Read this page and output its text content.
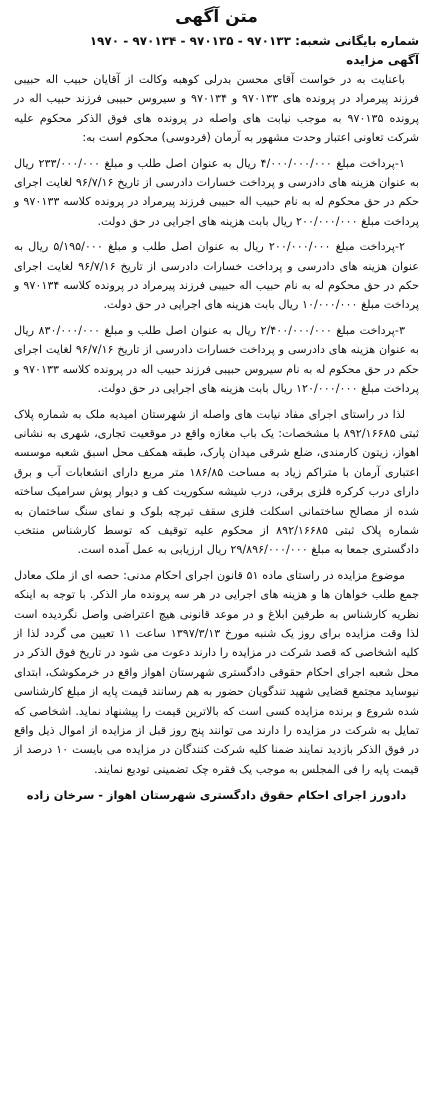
متن آگهی

شماره بایگانی شعبه: ۹۷۰۱۳۳ - ۹۷۰۱۳۵ - ۹۷۰۱۳۴ - ۱۹۷۰

آگهی مزایده

باعنایت به در خواست آقای محسن بدرلی کوهبه وکالت از آقایان حبیب اله حبیبی فرزند پیرمراد در پرونده های ۹۷۰۱۳۳ و ۹۷۰۱۳۴ و سیروس حبیبی فرزند حبیب اله در پرونده ۹۷۰۱۳۵ به موجب نیابت های واصله در پرونده های فوق الذکر محکوم علیه شرکت تعاونی اعتبار وحدت مشهور به آرمان (فردوسی) محکوم است به:

۱-پرداخت مبلغ ۴/۰۰۰/۰۰۰/۰۰۰ ریال به عنوان اصل طلب و مبلغ ۲۳۳/۰۰۰/۰۰۰ ریال به عنوان هزینه های دادرسی و پرداخت خسارات دادرسی از تاریخ ۹۶/۷/۱۶ لغایت اجرای حکم در حق محکوم له به نام حبیب اله حبیبی فرزند پیرمراد در پرونده کلاسه ۹۷۰۱۳۳ و پرداخت مبلغ ۲۰۰/۰۰۰/۰۰۰ ریال بابت هزینه های اجرایی در حق دولت.

۲-پرداخت مبلغ ۲۰۰/۰۰۰/۰۰۰ ریال به عنوان اصل طلب و مبلغ ۵/۱۹۵/۰۰۰ ریال به عنوان هزینه های دادرسی و پرداخت خسارات دادرسی از تاریخ ۹۶/۷/۱۶ لغایت اجرای حکم در حق محکوم له به نام حبیب اله حبیبی فرزند پیرمراد در پرونده کلاسه ۹۷۰۱۳۴ و پرداخت مبلغ ۱۰/۰۰۰/۰۰۰ ریال بابت هزینه های اجرایی در حق دولت.

۳-پرداخت مبلغ ۲/۴۰۰/۰۰۰/۰۰۰ ریال به عنوان اصل طلب و مبلغ ۸۳۰/۰۰۰/۰۰۰ ریال به عنوان هزینه های دادرسی و پرداخت خسارات دادرسی از تاریخ ۹۶/۷/۱۶ لغایت اجرای حکم در حق محکوم له به نام سیروس حبیبی فرزند حبیب اله در پرونده کلاسه ۹۷۰۱۳۳ و پرداخت مبلغ ۱۲۰/۰۰۰/۰۰۰ ریال بابت هزینه های اجرایی در حق دولت.

لذا در راستای اجرای مفاد نیابت های واصله از شهرستان امیدیه ملک به شماره پلاک ثبتی ۸۹۲/۱۶۶۸۵ با مشخصات: یک باب مغازه واقع در موقعیت تجاری، شهری به نشانی اهواز، زیتون کارمندی، ضلع شرقی میدان پارک، طبقه همکف محل اسبق شعبه موسسه اعتباری آرمان با متراکم زیاد به مساحت ۱۸۶/۸۵ متر مربع دارای انشعابات آب و برق دارای درب کرکره فلزی برقی، درب شیشه سکوریت کف و دیوار پوش سرامیک ساخته شده از مصالح ساختمانی اسکلت فلزی سقف تیرچه بلوک و نمای سنگ ساختمان به شماره پلاک ثبتی ۸۹۲/۱۶۶۸۵ از محکوم علیه توقیف که توسط کارشناس منتخب دادگستری جمعا به مبلغ ۲۹/۸۹۶/۰۰۰/۰۰۰ ریال ارزیابی به عمل آمده است.

موضوع مزایده در راستای ماده ۵۱ قانون اجرای احکام مدنی: حصه ای از ملک معادل جمع طلب خواهان ها و هزینه های اجرایی در هر سه پرونده مار الذکر. با توجه به اینکه نظریه کارشناس به طرفین ابلاغ و در موعد قانونی هیچ اعتراضی واصل نگردیده است لذا وقت مزایده برای روز یک شنبه مورخ ۱۳۹۷/۳/۱۳ ساعت ۱۱ تعیین می گردد لذا از کلیه اشخاصی که قصد شرکت در مزایده را دارند دعوت می شود در تاریخ فوق الذکر در محل شعبه اجرای احکام حقوقی دادگستری شهرستان اهواز واقع در خرمکوشک، ابتدای نیوساید مجتمع قضایی شهید تندگویان حضور به هم رسانند قیمت پایه از مبلغ کارشناسی شده شروع و برنده مزایده کسی است که بالاترین قیمت را پیشنهاد نماید. اشخاصی که تمایل به شرکت در مزایده را دارند می توانند پنج روز قبل از مزایده از اموال ذیل واقع در فوق الذکر بازدید نمایند ضمنا کلیه شرکت کنندگان در مزایده می بایست ۱۰ درصد از قیمت پایه را فی المجلس به موجب یک فقره چک تضمینی تودیع نمایند.

دادورز اجرای احکام حقوق دادگستری شهرستان اهواز - سرخان زاده
